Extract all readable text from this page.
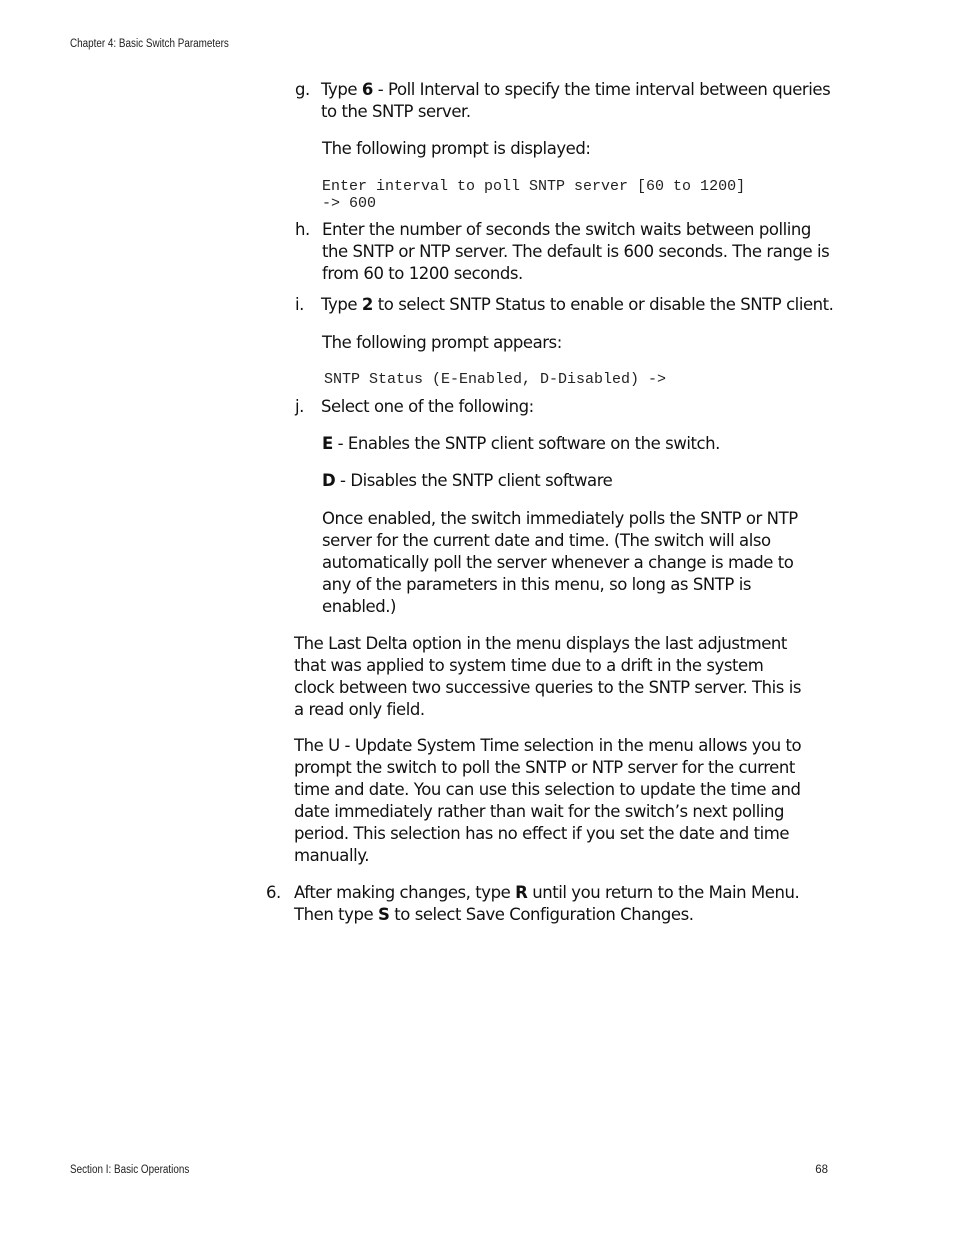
Chapter 4: Basic Switch Parameters
g. Type 6 - Poll Interval to specify the time interval between queries to the SNTP server.

The following prompt is displayed:
Enter interval to poll SNTP server [60 to 1200]
-> 600
h. Enter the number of seconds the switch waits between polling the SNTP or NTP server. The default is 600 seconds. The range is from 60 to 1200 seconds.
i. Type 2 to select SNTP Status to enable or disable the SNTP client.

The following prompt appears:
SNTP Status (E-Enabled, D-Disabled) ->
j. Select one of the following:

E - Enables the SNTP client software on the switch.

D - Disables the SNTP client software

Once enabled, the switch immediately polls the SNTP or NTP server for the current date and time. (The switch will also automatically poll the server whenever a change is made to any of the parameters in this menu, so long as SNTP is enabled.)
The Last Delta option in the menu displays the last adjustment that was applied to system time due to a drift in the system clock between two successive queries to the SNTP server. This is a read only field.
The U - Update System Time selection in the menu allows you to prompt the switch to poll the SNTP or NTP server for the current time and date. You can use this selection to update the time and date immediately rather than wait for the switch’s next polling period. This selection has no effect if you set the date and time manually.
6. After making changes, type R until you return to the Main Menu. Then type S to select Save Configuration Changes.

Section I: Basic Operations	68
